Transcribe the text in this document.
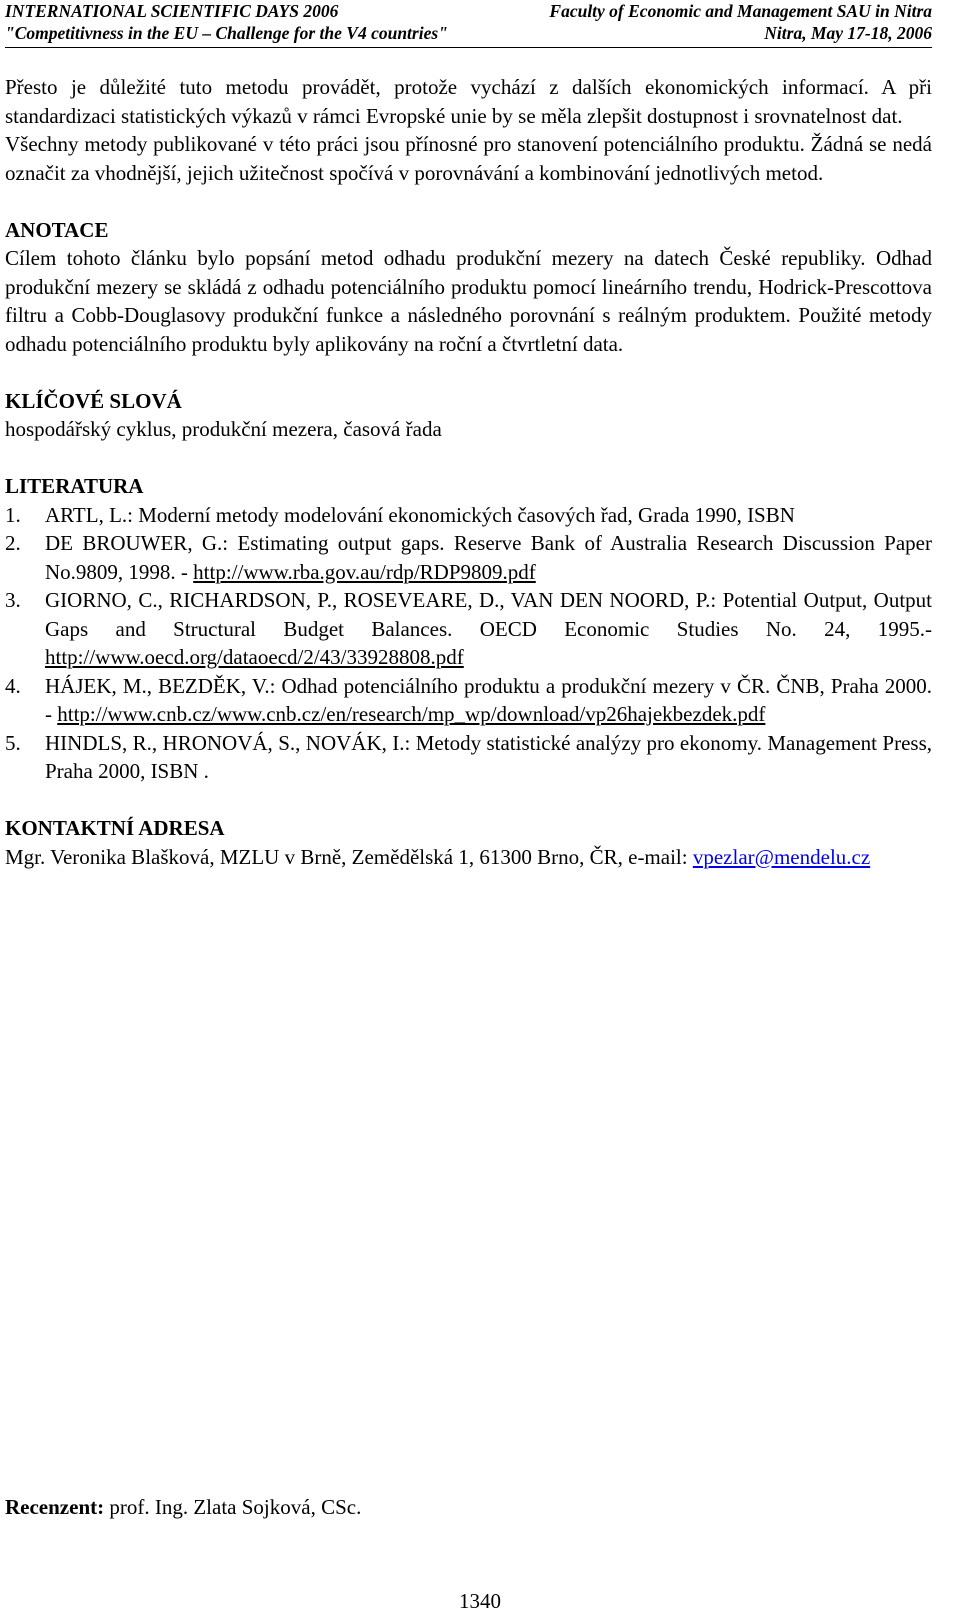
INTERNATIONAL SCIENTIFIC DAYS 2006	Faculty of Economic and Management SAU in Nitra
"Competitivness in the EU – Challenge for the V4 countries"	Nitra, May 17-18, 2006

Přesto je důležité tuto metodu provádět, protože vychází z dalších ekonomických informací. A při standardizaci statistických výkazů v rámci Evropské unie by se měla zlepšit dostupnost i srovnatelnost dat.

Všechny metody publikované v této práci jsou přínosné pro stanovení potenciálního produktu. Žádná se nedá označit za vhodnější, jejich užitečnost spočívá v porovnávání a kombinování jednotlivých metod.

ANOTACE

Cílem tohoto článku bylo popsání metod odhadu produkční mezery na datech České republiky. Odhad produkční mezery se skládá z odhadu potenciálního produktu pomocí lineárního trendu, Hodrick-Prescottova filtru a Cobb-Douglasovy produkční funkce a následného porovnání s reálným produktem. Použité metody odhadu potenciálního produktu byly aplikovány na roční a čtvrtletní data.

KLÍČOVÉ SLOVÁ

hospodářský cyklus, produkční mezera, časová řada

LITERATURA
1.	ARTL, L.: Moderní metody modelování ekonomických časových řad, Grada 1990, ISBN
2.	DE BROUWER, G.: Estimating output gaps. Reserve Bank of Australia Research Discussion Paper No.9809, 1998. - http://www.rba.gov.au/rdp/RDP9809.pdf
3.	GIORNO, C., RICHARDSON, P., ROSEVEARE, D., VAN DEN NOORD, P.: Potential Output, Output Gaps and Structural Budget Balances. OECD Economic Studies No. 24, 1995.- http://www.oecd.org/dataoecd/2/43/33928808.pdf
4.	HÁJEK, M., BEZDĚK, V.: Odhad potenciálního produktu a produkční mezery v ČR. ČNB, Praha 2000. - http://www.cnb.cz/www.cnb.cz/en/research/mp_wp/download/vp26hajekbezdek.pdf
5.	HINDLS, R., HRONOVÁ, S., NOVÁK, I.: Metody statistické analýzy pro ekonomy. Management Press, Praha 2000, ISBN .
KONTAKTNÍ ADRESA

Mgr. Veronika Blašková, MZLU v Brně, Zemědělská 1, 61300 Brno, ČR, e-mail: vpezlar@mendelu.cz

Recenzent: prof. Ing. Zlata Sojková, CSc.
1340
